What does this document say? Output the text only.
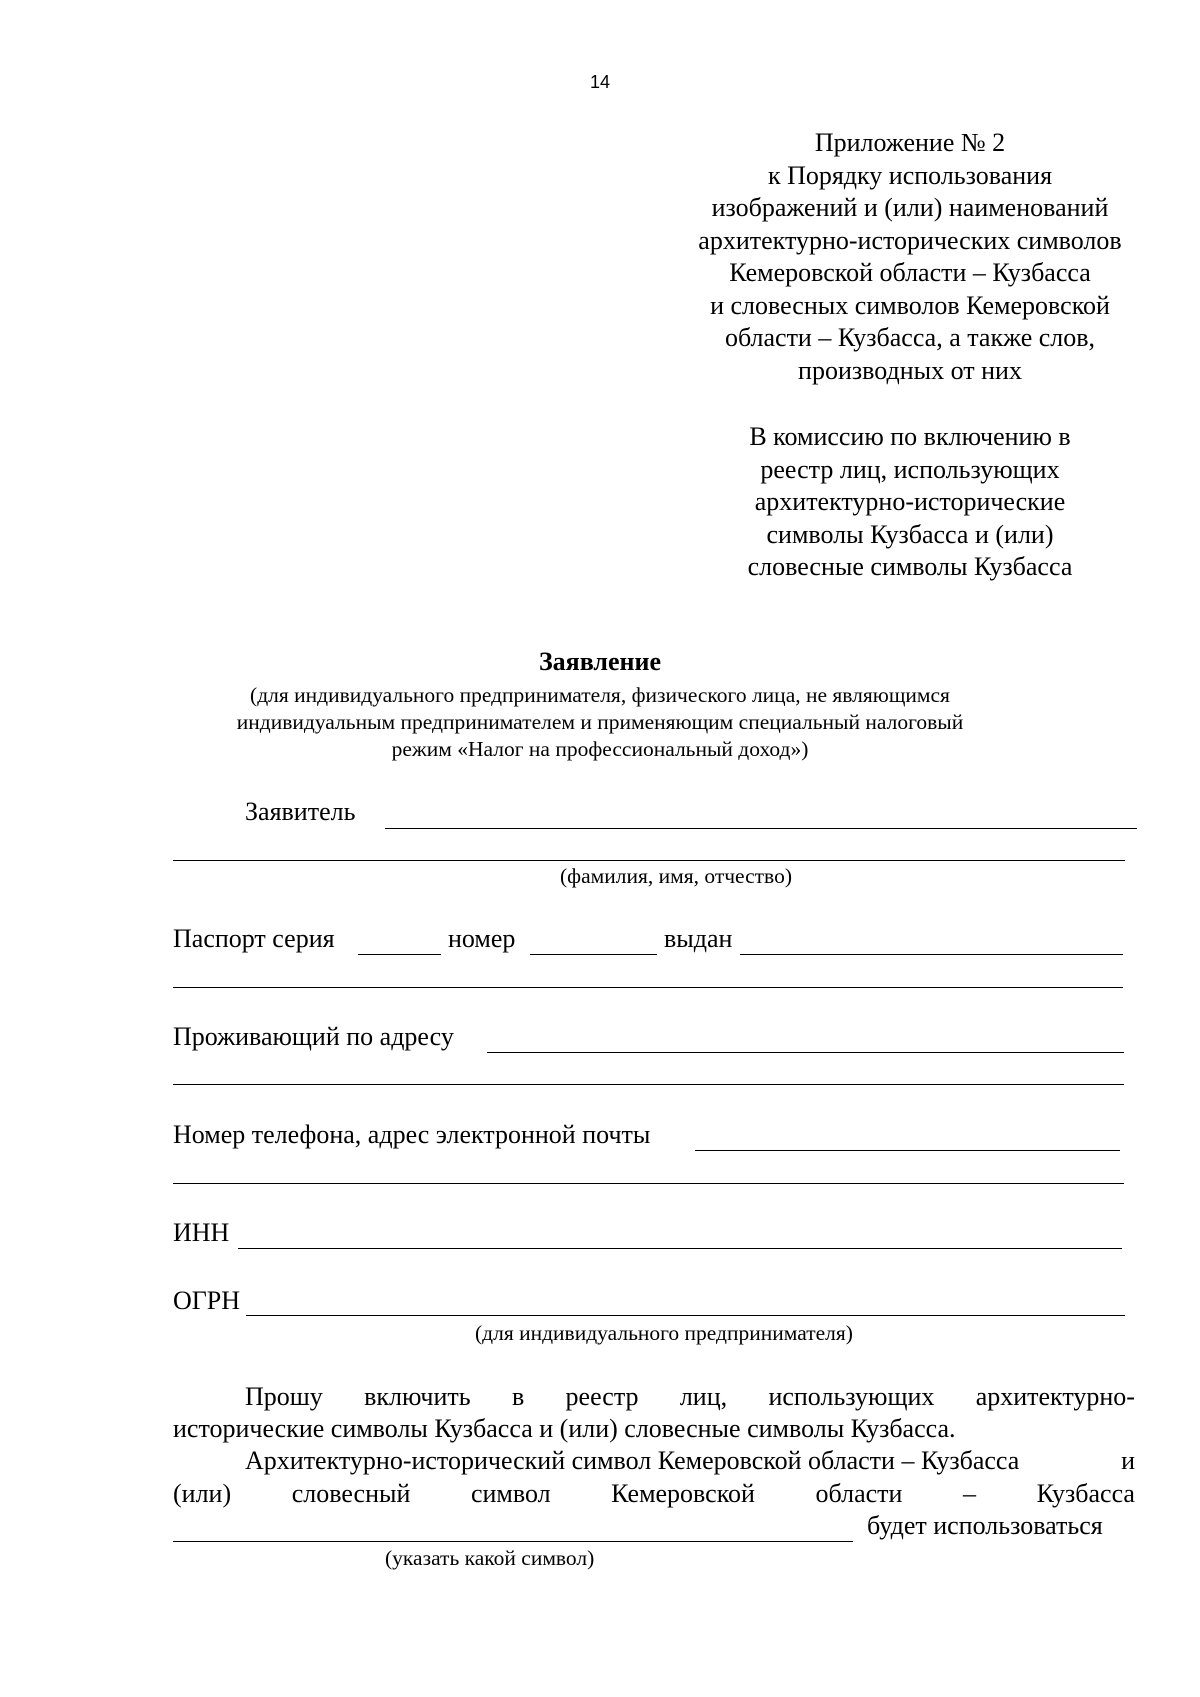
14
Приложение № 2
к Порядку использования
изображений и (или) наименований
архитектурно-исторических символов
Кемеровской области – Кузбасса
и словесных символов Кемеровской
области – Кузбасса, а также слов,
производных от них
В комиссию по включению в
реестр лиц, использующих
архитектурно-исторические
символы Кузбасса и (или)
словесные символы Кузбасса
Заявление
(для индивидуального предпринимателя, физического лица, не являющимся
индивидуальным предпринимателем и применяющим специальный налоговый
режим «Налог на профессиональный доход»)
Заявитель
(фамилия, имя, отчество)
Паспорт серия	номер	выдан
Проживающий по адресу
Номер телефона, адрес электронной почты
ИНН
ОГРН
(для индивидуального предпринимателя)
Прошу включить в реестр лиц, использующих архитектурно-
исторические символы Кузбасса и (или) словесные символы Кузбасса.
Архитектурно-исторический символ Кемеровской области – Кузбасса	и
(или) словесный символ Кемеровской области – Кузбасса
будет использоваться
(указать какой символ)
